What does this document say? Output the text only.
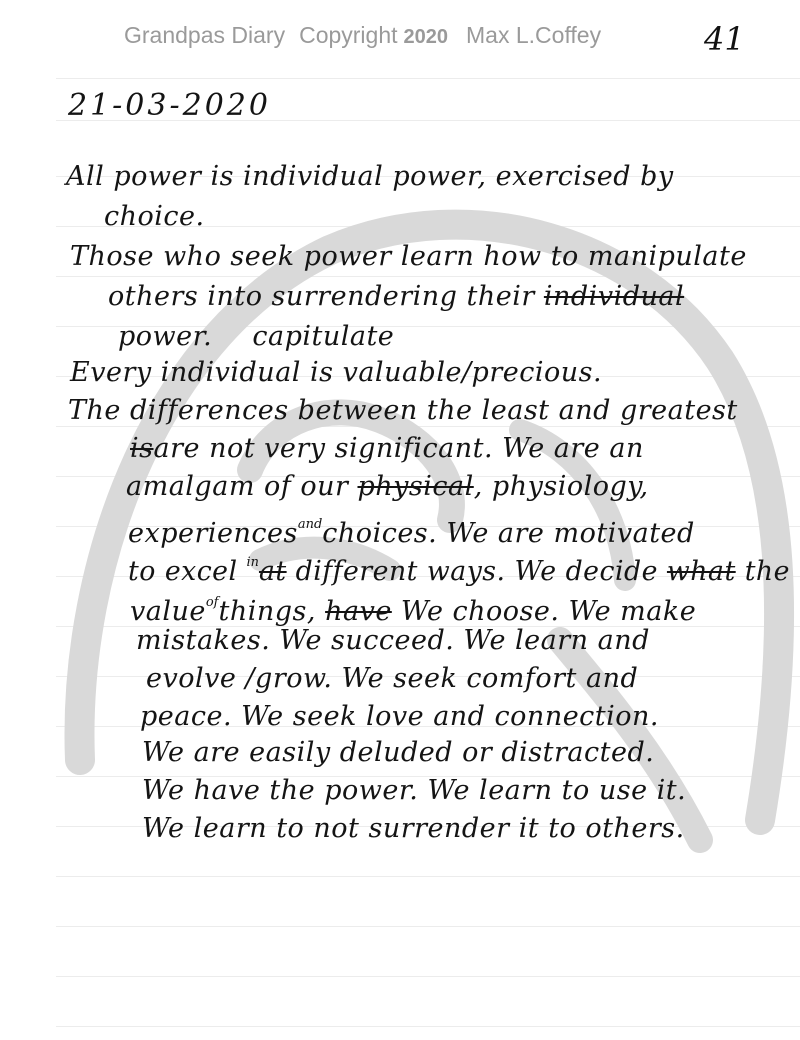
Grandpas Diary Copyright 2020 Max L.Coffey	41
21-03-2020
All power is individual power, exercised by
choice.
Those who seek power learn how to manipulate
others into surrendering their individual
power. capitulate
Every individual is valuable/precious.
The differences between the least and greatest
isare not very significant. We are an
amalgam of our physical, physiology,
experiences$^{and}$choices. We are motivated
to excel $^{in}$at different ways. We decide what the
value$^{of}$things, have We choose. We make
mistakes. We succeed. We learn and
evolve /grow. We seek comfort and
peace. We seek love and connection.
We are easily deluded or distracted.
We have the power. We learn to use it.
We learn to not surrender it to others.
